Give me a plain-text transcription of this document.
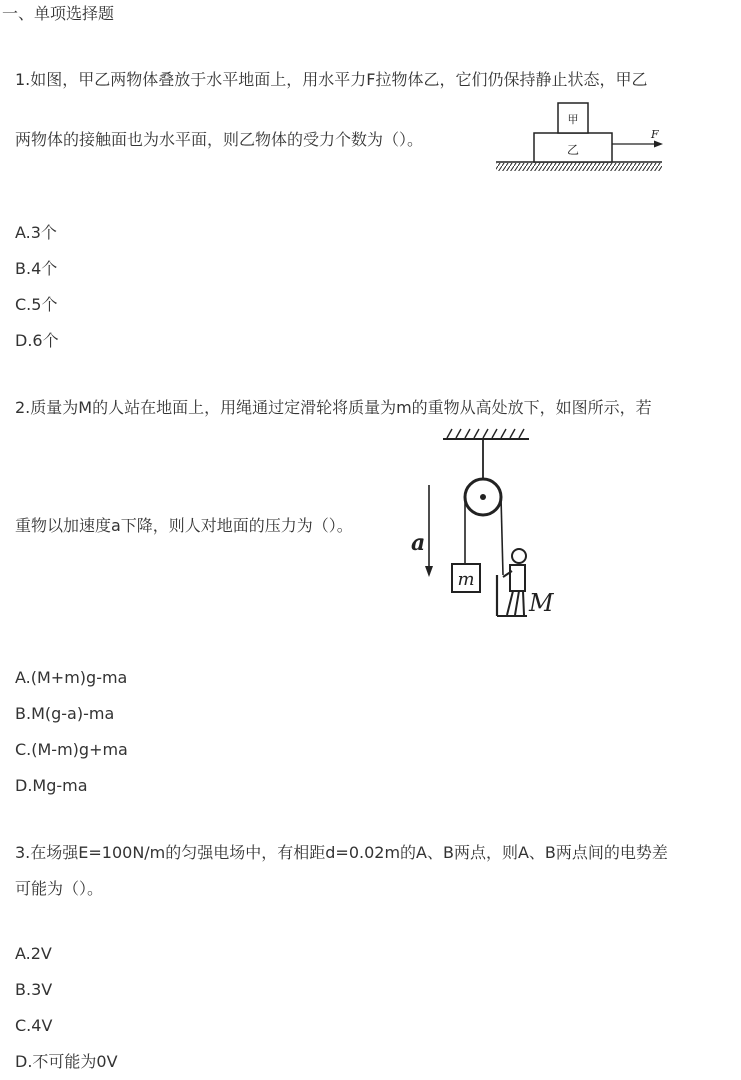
一、单项选择题
1.如图，甲乙两物体叠放于水平地面上，用水平力F拉物体乙，它们仍保持静止状态，甲乙
两物体的接触面也为水平面，则乙物体的受力个数为（）。
甲
乙
F
A.3个
B.4个
C.5个
D.6个
2.质量为M的人站在地面上，用绳通过定滑轮将质量为m的重物从高处放下，如图所示，若
重物以加速度a下降，则人对地面的压力为（）。
m
a
M
A.(M+m)g-ma
B.M(g-a)-ma
C.(M-m)g+ma
D.Mg-ma
3.在场强E=100N/m的匀强电场中，有相距d=0.02m的A、B两点，则A、B两点间的电势差
可能为（）。
A.2V
B.3V
C.4V
D.不可能为0V
